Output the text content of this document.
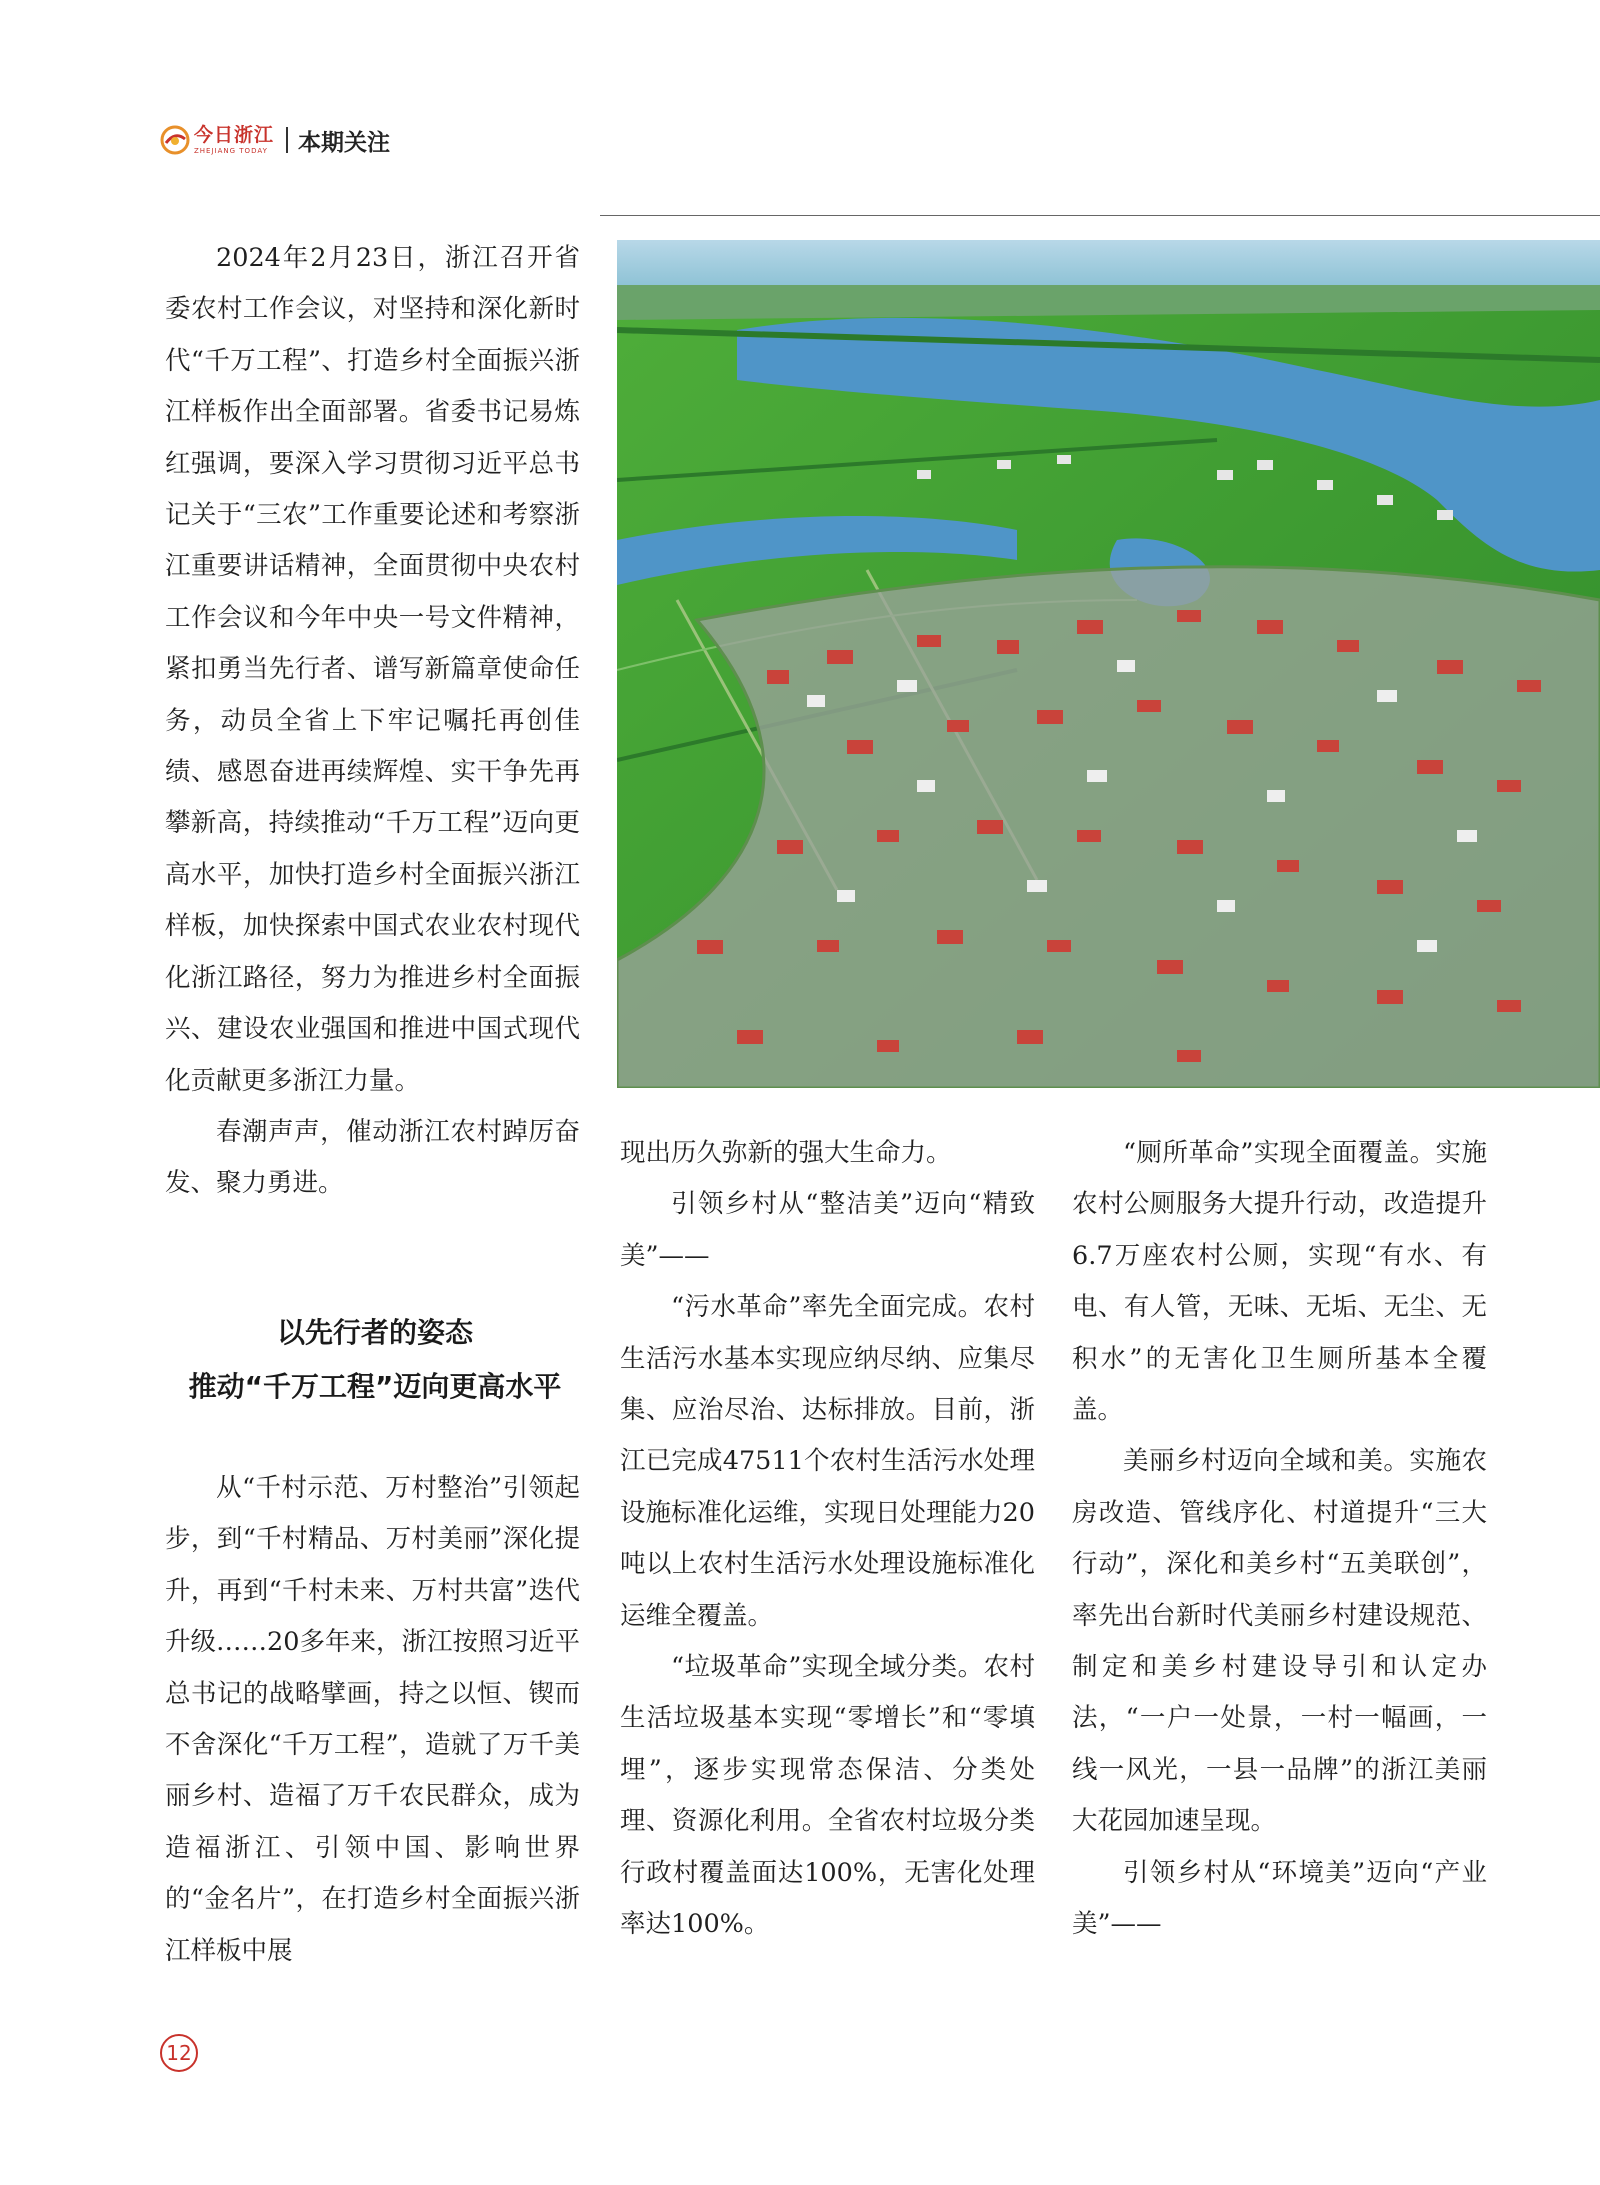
今日浙江
ZHEJIANG TODAY 本期关注

2024年2月23日，浙江召开省委农村工作会议，对坚持和深化新时代“千万工程”、打造乡村全面振兴浙江样板作出全面部署。省委书记易炼红强调，要深入学习贯彻习近平总书记关于“三农”工作重要论述和考察浙江重要讲话精神，全面贯彻中央农村工作会议和今年中央一号文件精神，紧扣勇当先行者、谱写新篇章使命任务，动员全省上下牢记嘱托再创佳绩、感恩奋进再续辉煌、实干争先再攀新高，持续推动“千万工程”迈向更高水平，加快打造乡村全面振兴浙江样板，加快探索中国式农业农村现代化浙江路径，努力为推进乡村全面振兴、建设农业强国和推进中国式现代化贡献更多浙江力量。

春潮声声，催动浙江农村踔厉奋发、聚力勇进。

以先行者的姿态
推动“千万工程”迈向更高水平

从“千村示范、万村整治”引领起步，到“千村精品、万村美丽”深化提升，再到“千村未来、万村共富”迭代升级……20多年来，浙江按照习近平总书记的战略擘画，持之以恒、锲而不舍深化“千万工程”，造就了万千美丽乡村、造福了万千农民群众，成为造福浙江、引领中国、影响世界的“金名片”，在打造乡村全面振兴浙江样板中展

现出历久弥新的强大生命力。

引领乡村从“整洁美”迈向“精致美”——

“污水革命”率先全面完成。农村生活污水基本实现应纳尽纳、应集尽集、应治尽治、达标排放。目前，浙江已完成47511个农村生活污水处理设施标准化运维，实现日处理能力20吨以上农村生活污水处理设施标准化运维全覆盖。

“垃圾革命”实现全域分类。农村生活垃圾基本实现“零增长”和“零填埋”，逐步实现常态保洁、分类处理、资源化利用。全省农村垃圾分类行政村覆盖面达100%，无害化处理率达100%。

“厕所革命”实现全面覆盖。实施农村公厕服务大提升行动，改造提升6.7万座农村公厕，实现“有水、有电、有人管，无味、无垢、无尘、无积水”的无害化卫生厕所基本全覆盖。

美丽乡村迈向全域和美。实施农房改造、管线序化、村道提升“三大行动”，深化和美乡村“五美联创”，率先出台新时代美丽乡村建设规范、制定和美乡村建设导引和认定办法，“一户一处景，一村一幅画，一线一风光，一县一品牌”的浙江美丽大花园加速呈现。

引领乡村从“环境美”迈向“产业美”——

12
